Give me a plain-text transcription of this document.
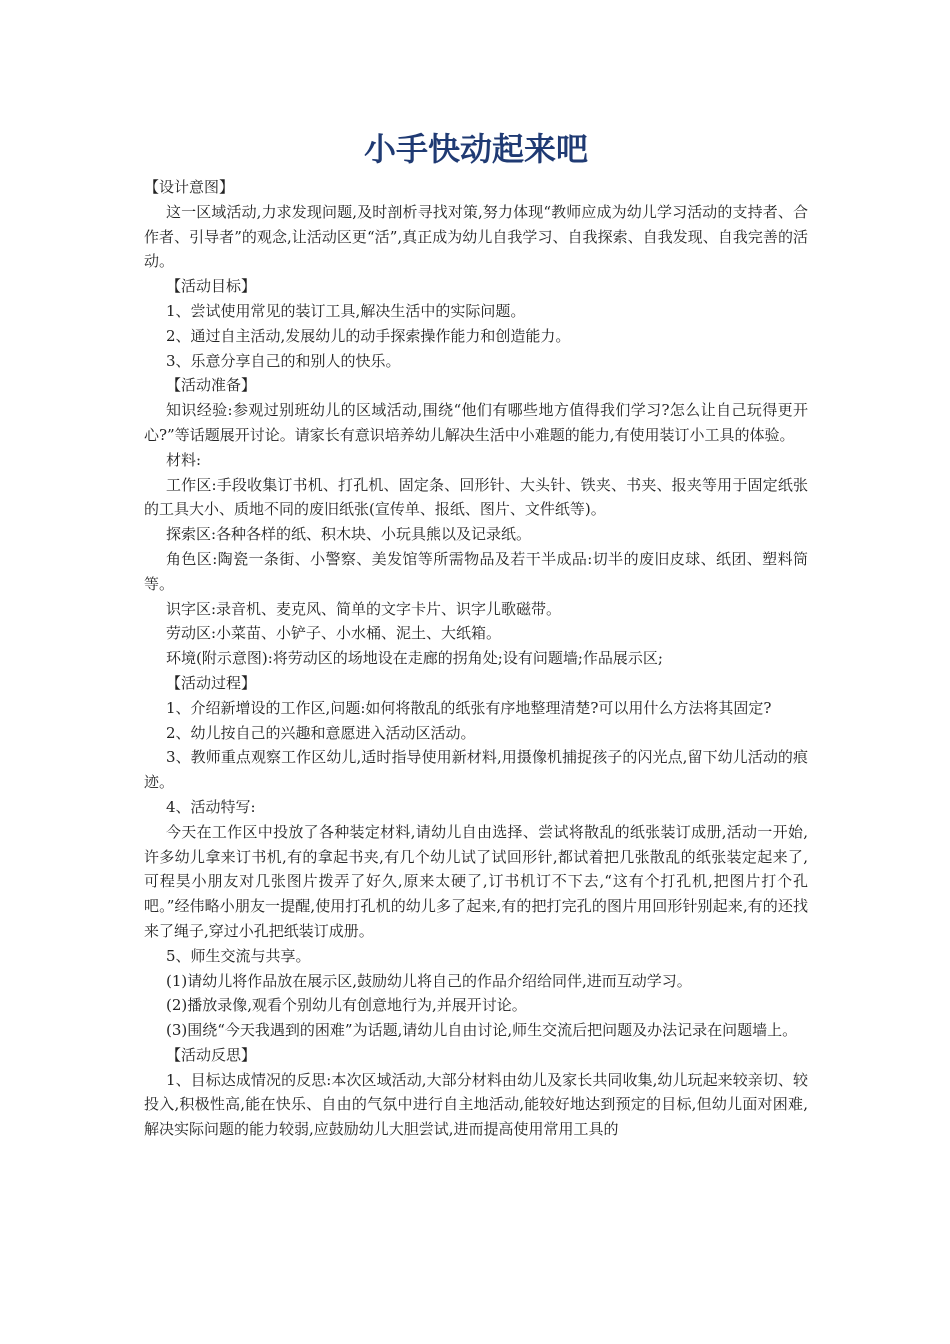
小手快动起来吧

【设计意图】

这一区域活动,力求发现问题,及时剖析寻找对策,努力体现“教师应成为幼儿学习活动的支持者、合作者、引导者”的观念,让活动区更“活”,真正成为幼儿自我学习、自我探索、自我发现、自我完善的活动。

【活动目标】

1、尝试使用常见的装订工具,解决生活中的实际问题。

2、通过自主活动,发展幼儿的动手探索操作能力和创造能力。

3、乐意分享自己的和别人的快乐。

【活动准备】

知识经验:参观过别班幼儿的区域活动,围绕“他们有哪些地方值得我们学习?怎么让自己玩得更开心?”等话题展开讨论。请家长有意识培养幼儿解决生活中小难题的能力,有使用装订小工具的体验。

材料:

工作区:手段收集订书机、打孔机、固定条、回形针、大头针、铁夹、书夹、报夹等用于固定纸张的工具大小、质地不同的废旧纸张(宣传单、报纸、图片、文件纸等)。

探索区:各种各样的纸、积木块、小玩具熊以及记录纸。

角色区:陶瓷一条街、小警察、美发馆等所需物品及若干半成品:切半的废旧皮球、纸团、塑料筒等。

识字区:录音机、麦克风、简单的文字卡片、识字儿歌磁带。

劳动区:小菜苗、小铲子、小水桶、泥土、大纸箱。

环境(附示意图):将劳动区的场地设在走廊的拐角处;设有问题墙;作品展示区;

【活动过程】

1、介绍新增设的工作区,问题:如何将散乱的纸张有序地整理清楚?可以用什么方法将其固定?

2、幼儿按自己的兴趣和意愿进入活动区活动。

3、教师重点观察工作区幼儿,适时指导使用新材料,用摄像机捕捉孩子的闪光点,留下幼儿活动的痕迹。

4、活动特写:

今天在工作区中投放了各种装定材料,请幼儿自由选择、尝试将散乱的纸张装订成册,活动一开始,许多幼儿拿来订书机,有的拿起书夹,有几个幼儿试了试回形针,都试着把几张散乱的纸张装定起来了,可程昊小朋友对几张图片拨弄了好久,原来太硬了,订书机订不下去,“这有个打孔机,把图片打个孔吧。”经伟略小朋友一提醒,使用打孔机的幼儿多了起来,有的把打完孔的图片用回形针别起来,有的还找来了绳子,穿过小孔把纸装订成册。

5、师生交流与共享。

(1)请幼儿将作品放在展示区,鼓励幼儿将自己的作品介绍给同伴,进而互动学习。

(2)播放录像,观看个别幼儿有创意地行为,并展开讨论。

(3)围绕“今天我遇到的困难”为话题,请幼儿自由讨论,师生交流后把问题及办法记录在问题墙上。

【活动反思】

1、目标达成情况的反思:本次区域活动,大部分材料由幼儿及家长共同收集,幼儿玩起来较亲切、较投入,积极性高,能在快乐、自由的气氛中进行自主地活动,能较好地达到预定的目标,但幼儿面对困难,解决实际问题的能力较弱,应鼓励幼儿大胆尝试,进而提高使用常用工具的
